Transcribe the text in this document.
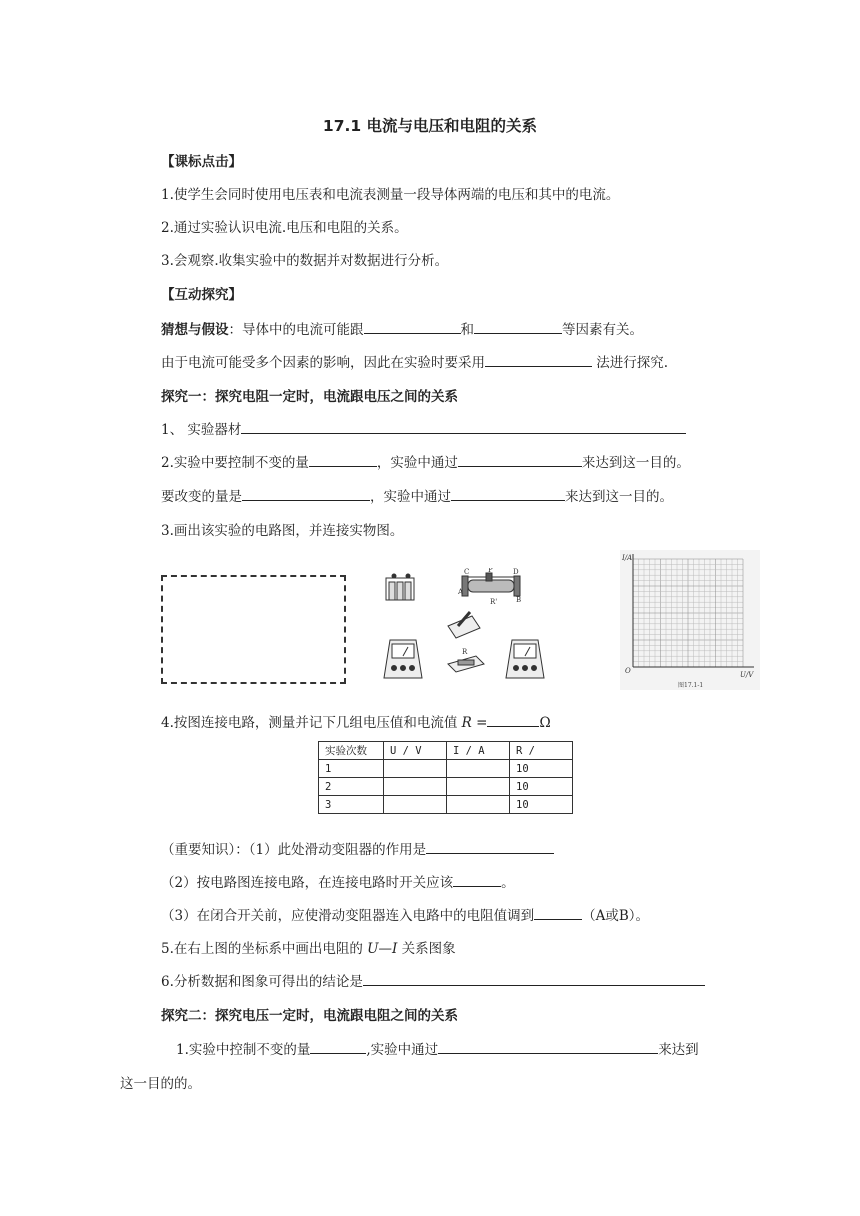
17.1 电流与电压和电阻的关系
【课标点击】
1.使学生会同时使用电压表和电流表测量一段导体两端的电压和其中的电流。
2.通过实验认识电流.电压和电阻的关系。
3.会观察.收集实验中的数据并对数据进行分析。
【互动探究】
猜想与假设：导体中的电流可能跟	和	等因素有关。
由于电流可能受多个因素的影响，因此在实验时要采用	法进行探究.
探究一：探究电阻一定时，电流跟电压之间的关系
1、 实验器材
2.实验中要控制不变的量	，实验中通过	来达到这一目的。
要改变的量是	，实验中通过	来达到这一目的。
3.画出该实验的电路图，并连接实物图。
C	P	D
A
B
R'
R
I/A
U/V
O
图17.1-1
4.按图连接电路，测量并记下几组电压值和电流值 R =	Ω
实验次数	U / V	I / A	R /
1			10
2			10
3			10
（重要知识）：（1）此处滑动变阻器的作用是
（2）按电路图连接电路，在连接电路时开关应该	。
（3）在闭合开关前，应使滑动变阻器连入电路中的电阻值调到	（A或B）。
5.在右上图的坐标系中画出电阻的 U—I 关系图象
6.分析数据和图象可得出的结论是
探究二：探究电压一定时，电流跟电阻之间的关系
1.实验中控制不变的量	,实验中通过	来达到
这一目的的。
